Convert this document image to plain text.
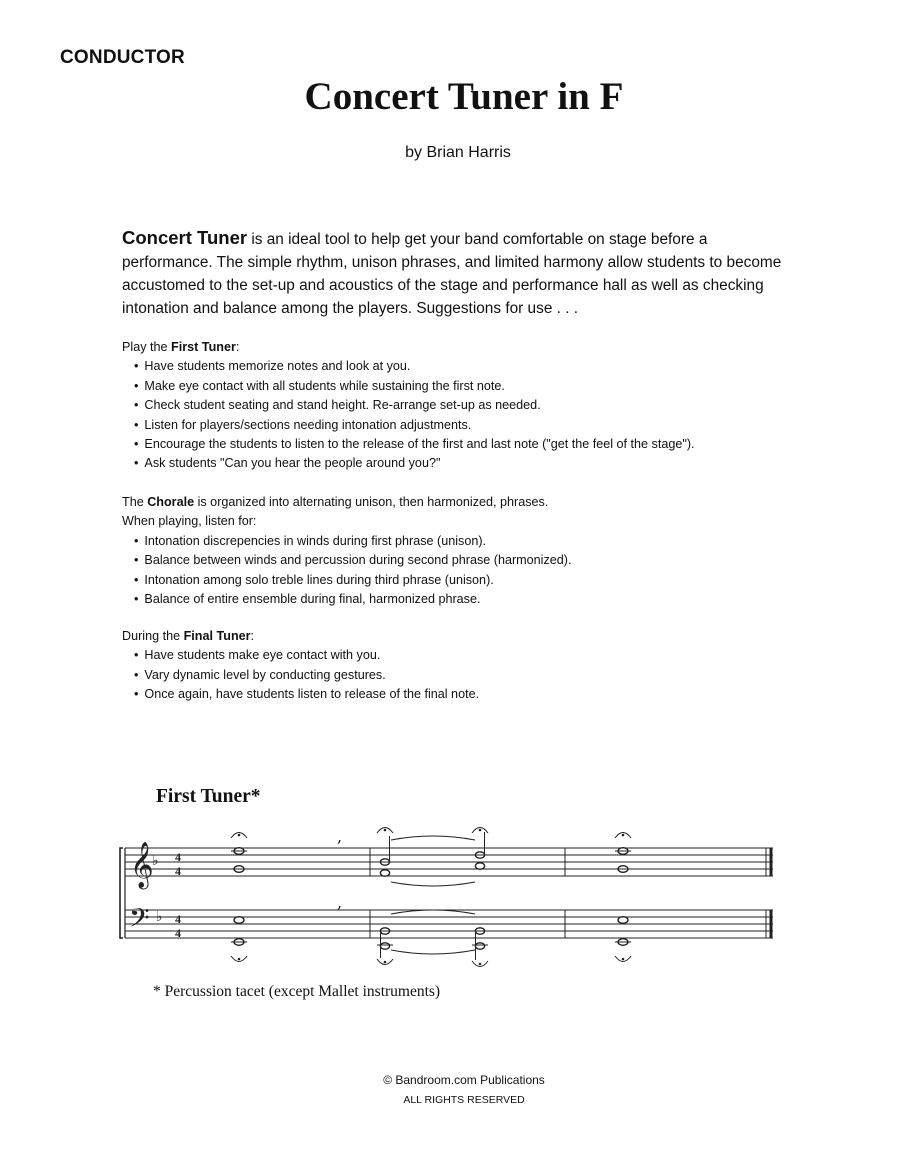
CONDUCTOR
Concert Tuner in F
by Brian Harris
Concert Tuner is an ideal tool to help get your band comfortable on stage before a performance. The simple rhythm, unison phrases, and limited harmony allow students to become accustomed to the set-up and acoustics of the stage and performance hall as well as checking intonation and balance among the players. Suggestions for use . . .

Play the First Tuner:

• Have students memorize notes and look at you.
• Make eye contact with all students while sustaining the first note.
• Check student seating and stand height. Re-arrange set-up as needed.
• Listen for players/sections needing intonation adjustments.
• Encourage the students to listen to the release of the first and last note ("get the feel of the stage").
• Ask students "Can you hear the people around you?"

The Chorale is organized into alternating unison, then harmonized, phrases.

When playing, listen for:

• Intonation discrepencies in winds during first phrase (unison).
• Balance between winds and percussion during second phrase (harmonized).
• Intonation among solo treble lines during third phrase (unison).
• Balance of entire ensemble during final, harmonized phrase.

During the Final Tuner:

• Have students make eye contact with you.
• Vary dynamic level by conducting gestures.
• Once again, have students listen to release of the final note.
First Tuner*
𝄞
♭
𝄢 ♭
4
4
4
4
,
,
* Percussion tacet (except Mallet instruments)
© Bandroom.com Publications
ALL RIGHTS RESERVED
